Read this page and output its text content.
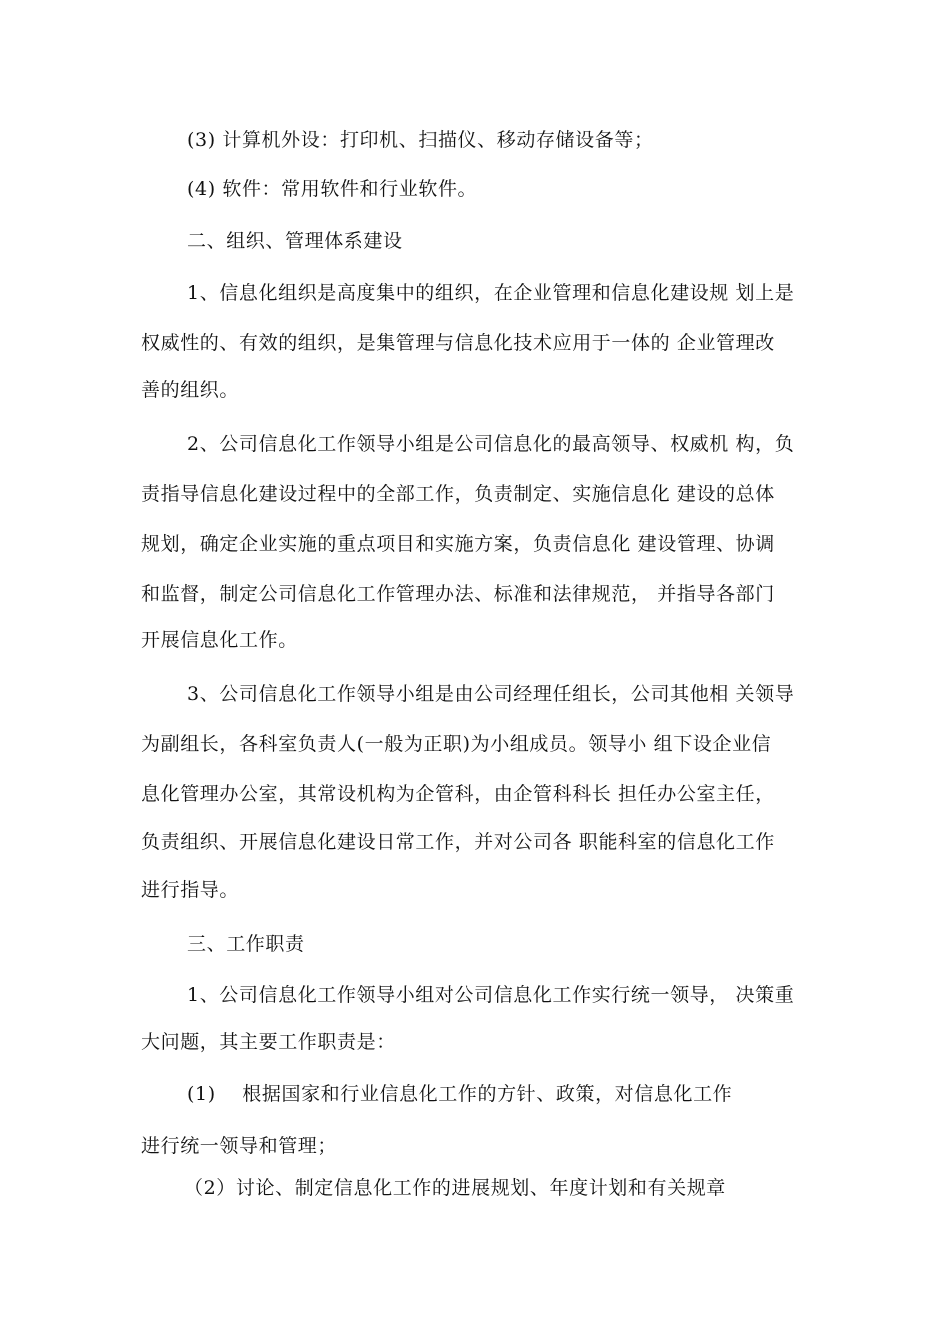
(3) 计算机外设：打印机、扫描仪、移动存储设备等；
(4) 软件：常用软件和行业软件。
二、组织、管理体系建设
1、信息化组织是高度集中的组织，在企业管理和信息化建设规 划上是
权威性的、有效的组织，是集管理与信息化技术应用于一体的 企业管理改
善的组织。
2、公司信息化工作领导小组是公司信息化的最高领导、权威机 构，负
责指导信息化建设过程中的全部工作，负责制定、实施信息化 建设的总体
规划，确定企业实施的重点项目和实施方案，负责信息化 建设管理、协调
和监督，制定公司信息化工作管理办法、标准和法律规范， 并指导各部门
开展信息化工作。
3、公司信息化工作领导小组是由公司经理任组长，公司其他相 关领导
为副组长，各科室负责人(一般为正职)为小组成员。领导小 组下设企业信
息化管理办公室，其常设机构为企管科，由企管科科长 担任办公室主任，
负责组织、开展信息化建设日常工作，并对公司各 职能科室的信息化工作
进行指导。
三、工作职责
1、公司信息化工作领导小组对公司信息化工作实行统一领导， 决策重
大问题，其主要工作职责是：
(1)    根据国家和行业信息化工作的方针、政策，对信息化工作
进行统一领导和管理；
（2）讨论、制定信息化工作的进展规划、年度计划和有关规章
